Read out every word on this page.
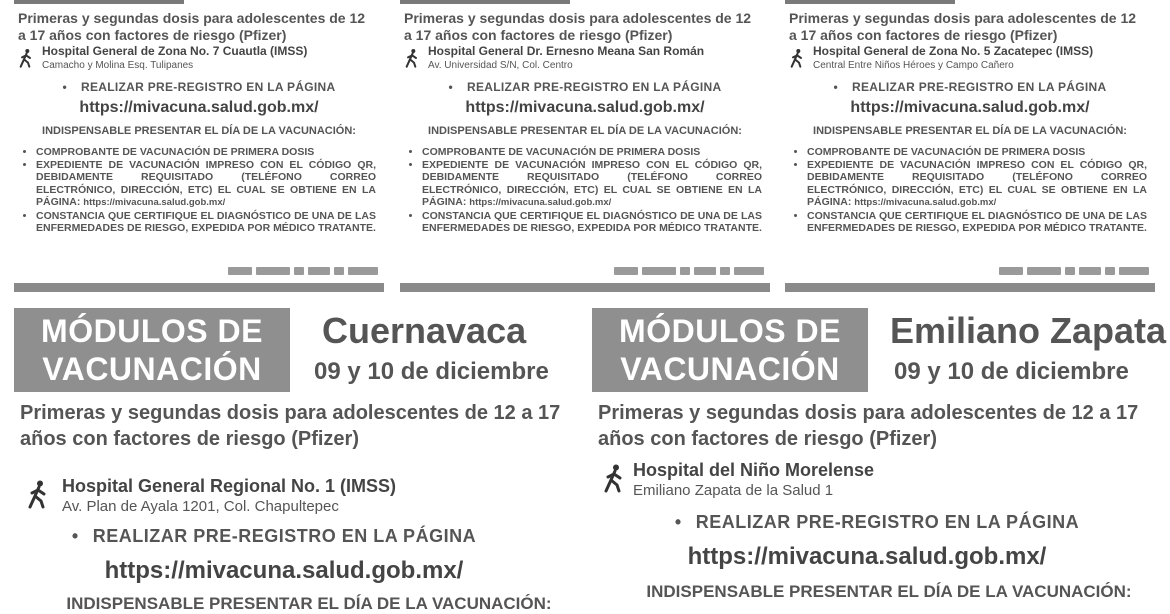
Primeras y segundas dosis para adolescentes de 12 a 17 años con factores de riesgo (Pfizer)
Hospital General de Zona No. 7 Cuautla (IMSS)
Camacho y Molina Esq. Tulipanes
• REALIZAR PRE-REGISTRO EN LA PÁGINA
https://mivacuna.salud.gob.mx/
INDISPENSABLE PRESENTAR EL DÍA DE LA VACUNACIÓN:
• COMPROBANTE DE VACUNACIÓN DE PRIMERA DOSIS
• EXPEDIENTE DE VACUNACIÓN IMPRESO CON EL CÓDIGO QR, DEBIDAMENTE REQUISITADO (TELÉFONO CORREO ELECTRÓNICO, DIRECCIÓN, ETC) EL CUAL SE OBTIENE EN LA PÁGINA: https://mivacuna.salud.gob.mx/
• CONSTANCIA QUE CERTIFIQUE EL DIAGNÓSTICO DE UNA DE LAS ENFERMEDADES DE RIESGO, EXPEDIDA POR MÉDICO TRATANTE.
Primeras y segundas dosis para adolescentes de 12 a 17 años con factores de riesgo (Pfizer)
Hospital General Dr. Ernesno Meana San Román
Av. Universidad S/N, Col. Centro
• REALIZAR PRE-REGISTRO EN LA PÁGINA
https://mivacuna.salud.gob.mx/
INDISPENSABLE PRESENTAR EL DÍA DE LA VACUNACIÓN:
• COMPROBANTE DE VACUNACIÓN DE PRIMERA DOSIS
• EXPEDIENTE DE VACUNACIÓN IMPRESO CON EL CÓDIGO QR, DEBIDAMENTE REQUISITADO (TELÉFONO CORREO ELECTRÓNICO, DIRECCIÓN, ETC) EL CUAL SE OBTIENE EN LA PÁGINA: https://mivacuna.salud.gob.mx/
• CONSTANCIA QUE CERTIFIQUE EL DIAGNÓSTICO DE UNA DE LAS ENFERMEDADES DE RIESGO, EXPEDIDA POR MÉDICO TRATANTE.
Primeras y segundas dosis para adolescentes de 12 a 17 años con factores de riesgo (Pfizer)
Hospital General de Zona No. 5 Zacatepec (IMSS)
Central Entre Niños Héroes y Campo Cañero
• REALIZAR PRE-REGISTRO EN LA PÁGINA
https://mivacuna.salud.gob.mx/
INDISPENSABLE PRESENTAR EL DÍA DE LA VACUNACIÓN:
• COMPROBANTE DE VACUNACIÓN DE PRIMERA DOSIS
• EXPEDIENTE DE VACUNACIÓN IMPRESO CON EL CÓDIGO QR, DEBIDAMENTE REQUISITADO (TELÉFONO CORREO ELECTRÓNICO, DIRECCIÓN, ETC) EL CUAL SE OBTIENE EN LA PÁGINA: https://mivacuna.salud.gob.mx/
• CONSTANCIA QUE CERTIFIQUE EL DIAGNÓSTICO DE UNA DE LAS ENFERMEDADES DE RIESGO, EXPEDIDA POR MÉDICO TRATANTE.
MÓDULOS DE
VACUNACIÓN
Cuernavaca
09 y 10 de diciembre
Primeras y segundas dosis para adolescentes de 12 a 17 años con factores de riesgo (Pfizer)
Hospital General Regional No. 1 (IMSS)
Av. Plan de Ayala 1201, Col. Chapultepec
• REALIZAR PRE-REGISTRO EN LA PÁGINA
https://mivacuna.salud.gob.mx/
INDISPENSABLE PRESENTAR EL DÍA DE LA VACUNACIÓN:
MÓDULOS DE
VACUNACIÓN
Emiliano Zapata
09 y 10 de diciembre
Primeras y segundas dosis para adolescentes de 12 a 17 años con factores de riesgo (Pfizer)
Hospital del Niño Morelense
Emiliano Zapata de la Salud 1
• REALIZAR PRE-REGISTRO EN LA PÁGINA
https://mivacuna.salud.gob.mx/
INDISPENSABLE PRESENTAR EL DÍA DE LA VACUNACIÓN:
